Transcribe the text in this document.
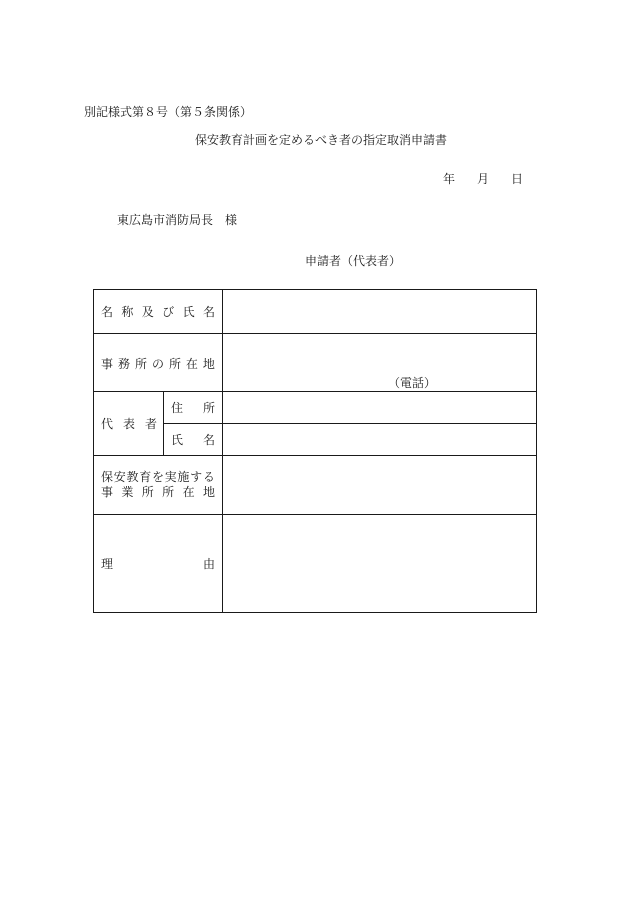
別記様式第８号（第５条関係）
保安教育計画を定めるべき者の指定取消申請書
年 月 日
東広島市消防局長　様
申請者（代表者）
名 称 及 び 氏 名
事 務 所 の 所 在 地
（電話）
代 表 者
住 所
氏 名
保 安 教 育 を 実 施 す る
事 業 所 所 在 地
理	由
